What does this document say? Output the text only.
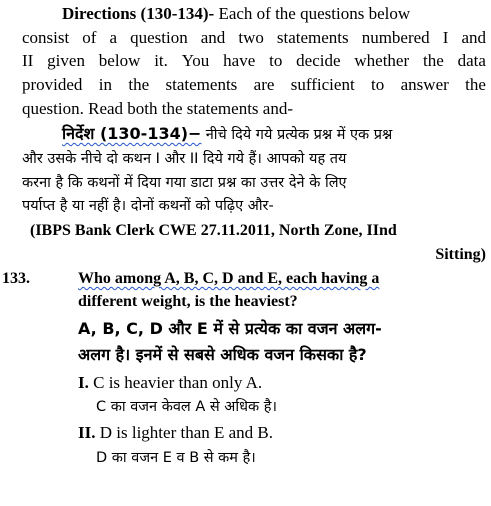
Directions (130-134)- Each of the questions below
consist of a question and two statements numbered I and
II given below it. You have to decide whether the data
provided in the statements are sufficient to answer the
question. Read both the statements and-
निर्देश (130-134)− नीचे दिये गये प्रत्येक प्रश्न में एक प्रश्न
और उसके नीचे दो कथन I और II दिये गये हैं। आपको यह तय
करना है कि कथनों में दिया गया डाटा प्रश्न का उत्तर देने के लिए
पर्याप्त है या नहीं है। दोनों कथनों को पढ़िए और-
(IBPS Bank Clerk CWE 27.11.2011, North Zone, IInd
Sitting)
133.	Who among A, B, C, D and E, each having a
different weight, is the heaviest?
A, B, C, D और E में से प्रत्येक का वजन अलग-
अलग है। इनमें से सबसे अधिक वजन किसका है?
I. C is heavier than only A.
C का वजन केवल A से अधिक है।
II. D is lighter than E and B.
D का वजन E व B से कम है।
